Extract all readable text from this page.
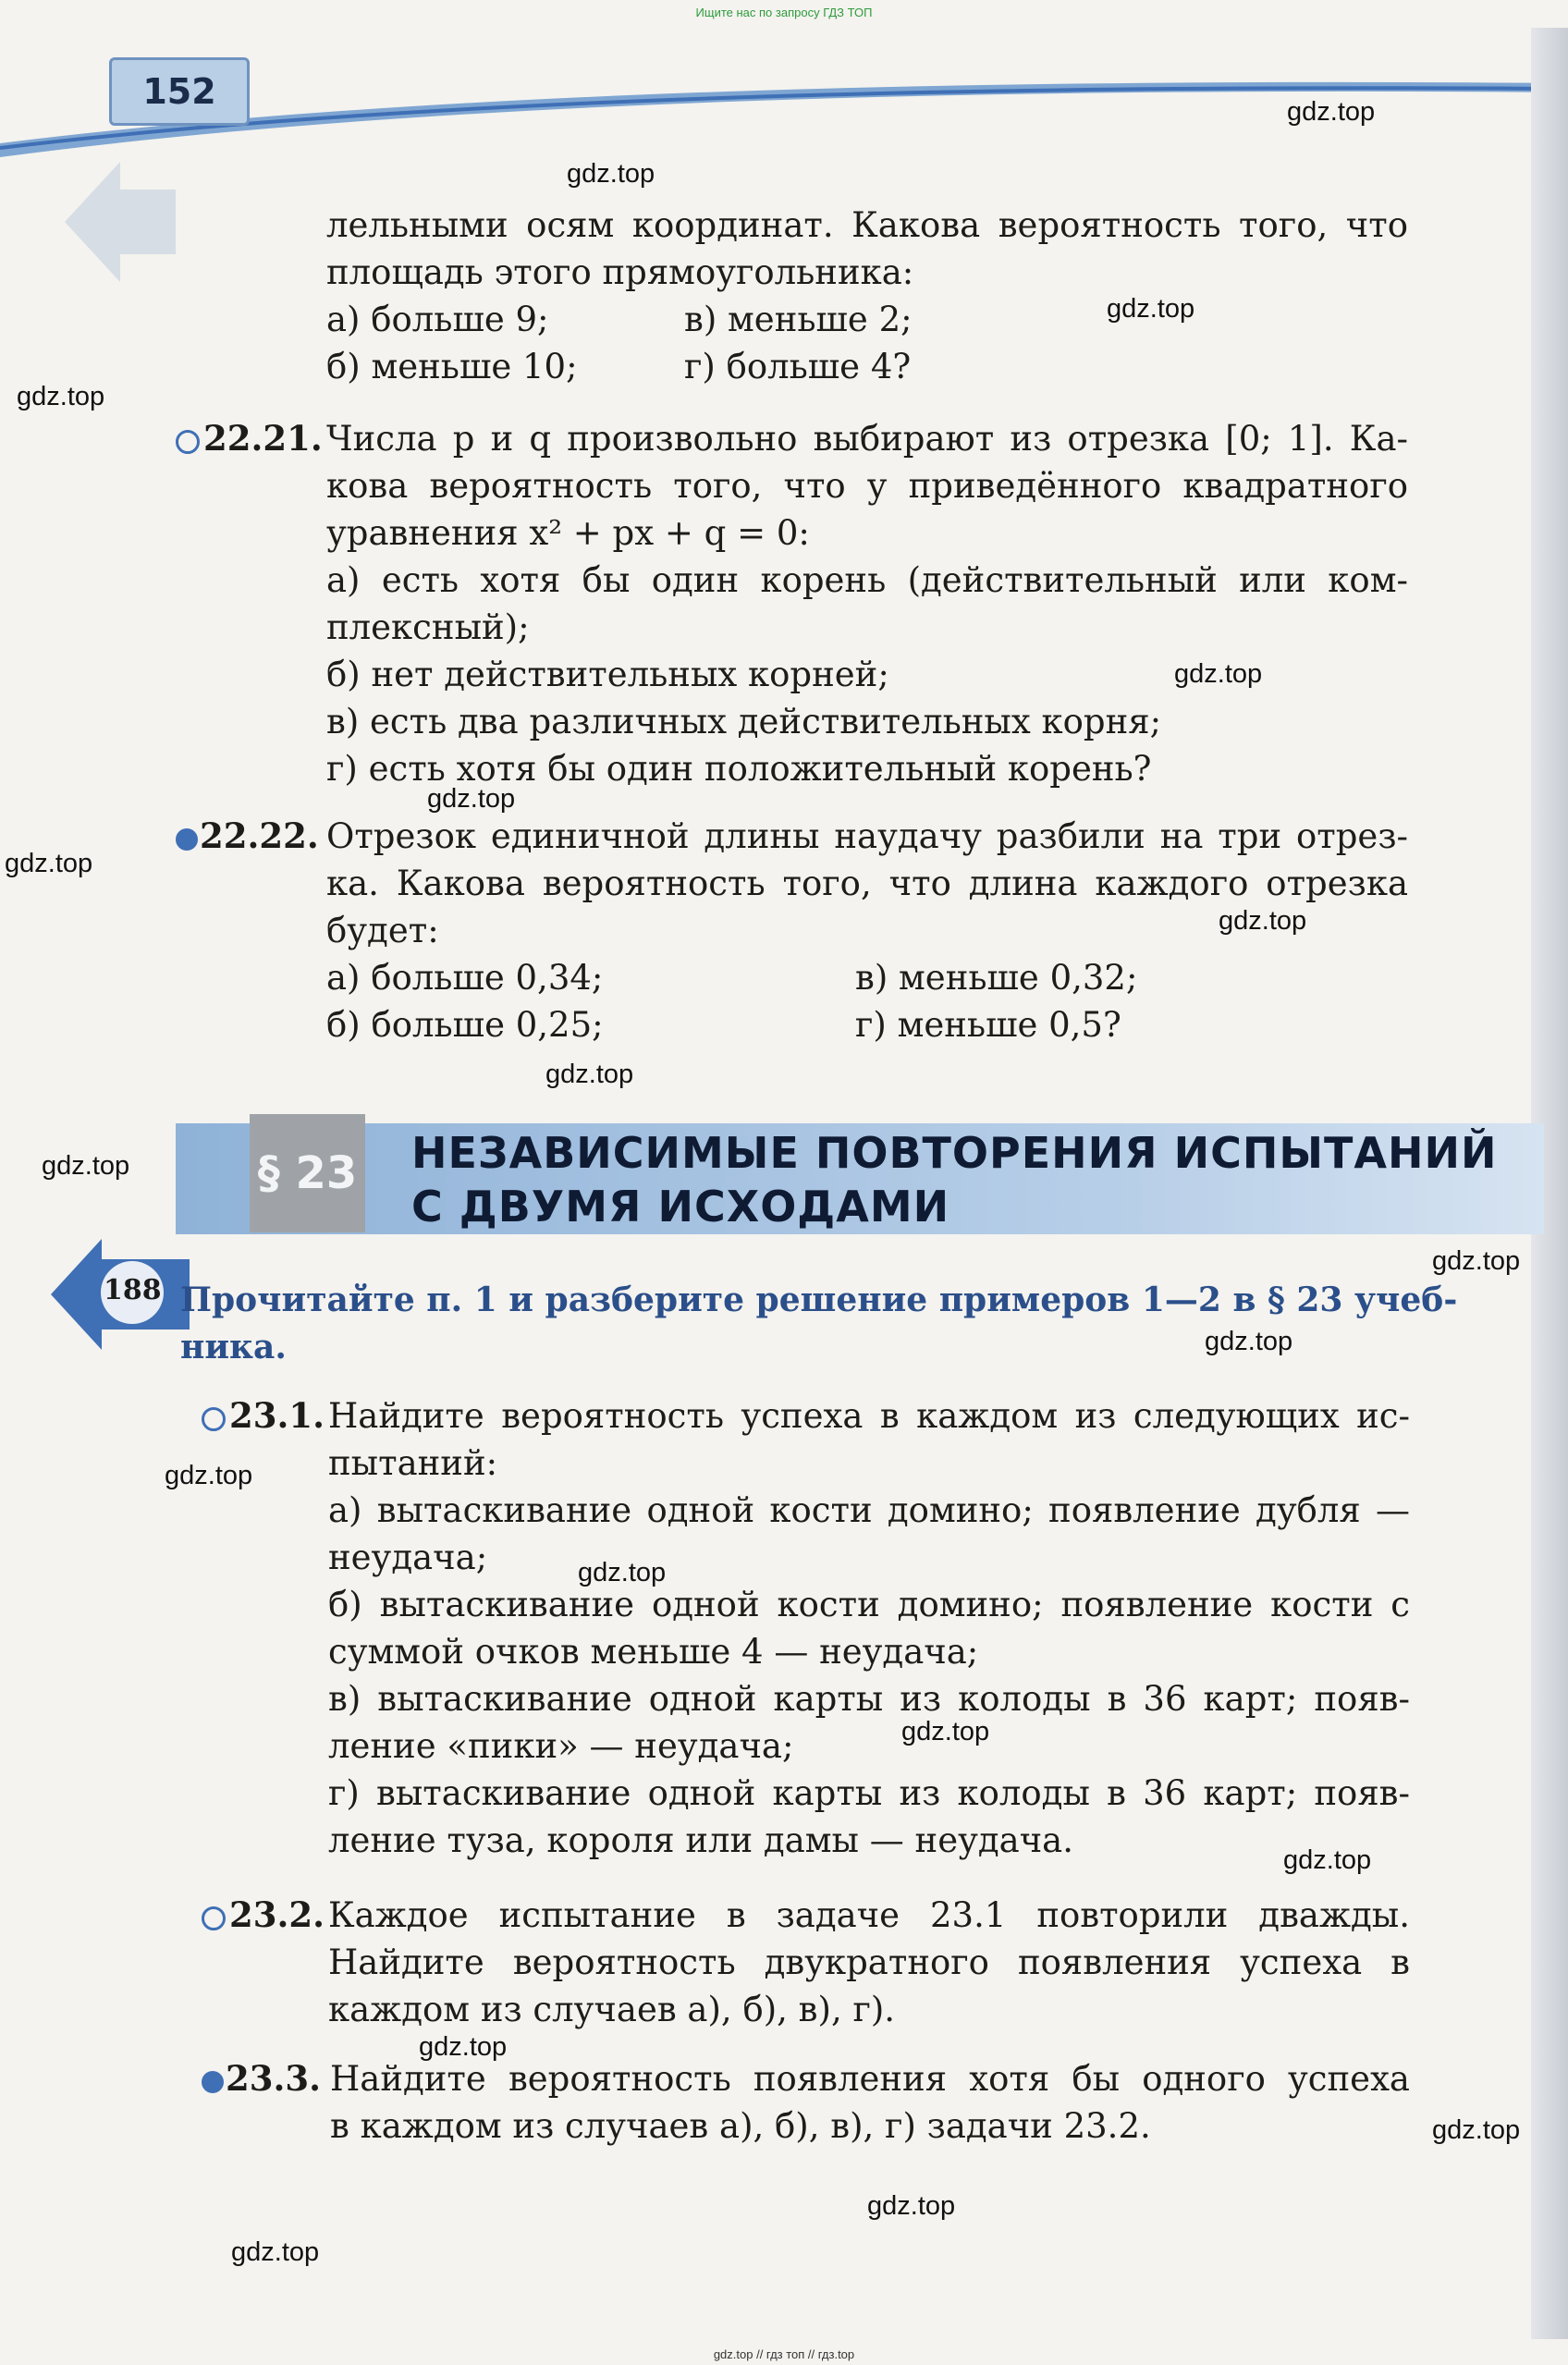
Ищите нас по запросу ГДЗ ТОП
152	gdz.top
gdz.top
gdz.top
gdz.top
gdz.top
gdz.top
gdz.top
gdz.top
gdz.top
gdz.top
gdz.top
gdz.top
gdz.top
gdz.top
gdz.top
gdz.top
gdz.top
gdz.top
gdz.top
gdz.top
лельными осям координат. Какова вероятность того, что
площадь этого прямоугольника:
а) больше 9;	в) меньше 2;
б) меньше 10;	г) больше 4?
22.21. Числа p и q произвольно выбирают из отрезка [0; 1]. Ка-
кова вероятность того, что у приведённого квадратного
уравнения x² + px + q = 0:
а) есть хотя бы один корень (действительный или ком-
плексный);
б) нет действительных корней;
в) есть два различных действительных корня;
г) есть хотя бы один положительный корень?
22.22. Отрезок единичной длины наудачу разбили на три отрез-
ка. Какова вероятность того, что длина каждого отрезка
будет:
а) больше 0,34;	в) меньше 0,32;
б) больше 0,25;	г) меньше 0,5?
§ 23 НЕЗАВИСИМЫЕ ПОВТОРЕНИЯ ИСПЫТАНИЙ
С ДВУМЯ ИСХОДАМИ
188 Прочитайте п. 1 и разберите решение примеров 1—2 в § 23 учеб-
ника.
23.1. Найдите вероятность успеха в каждом из следующих ис-
пытаний:
а) вытаскивание одной кости домино; появление дубля —
неудача;
б) вытаскивание одной кости домино; появление кости с
суммой очков меньше 4 — неудача;
в) вытаскивание одной карты из колоды в 36 карт; появ-
ление «пики» — неудача;
г) вытаскивание одной карты из колоды в 36 карт; появ-
ление туза, короля или дамы — неудача.
23.2. Каждое испытание в задаче 23.1 повторили дважды.
Найдите вероятность двукратного появления успеха в
каждом из случаев а), б), в), г).
23.3. Найдите вероятность появления хотя бы одного успеха
в каждом из случаев а), б), в), г) задачи 23.2.
gdz.top // гдз топ // гдз.top
